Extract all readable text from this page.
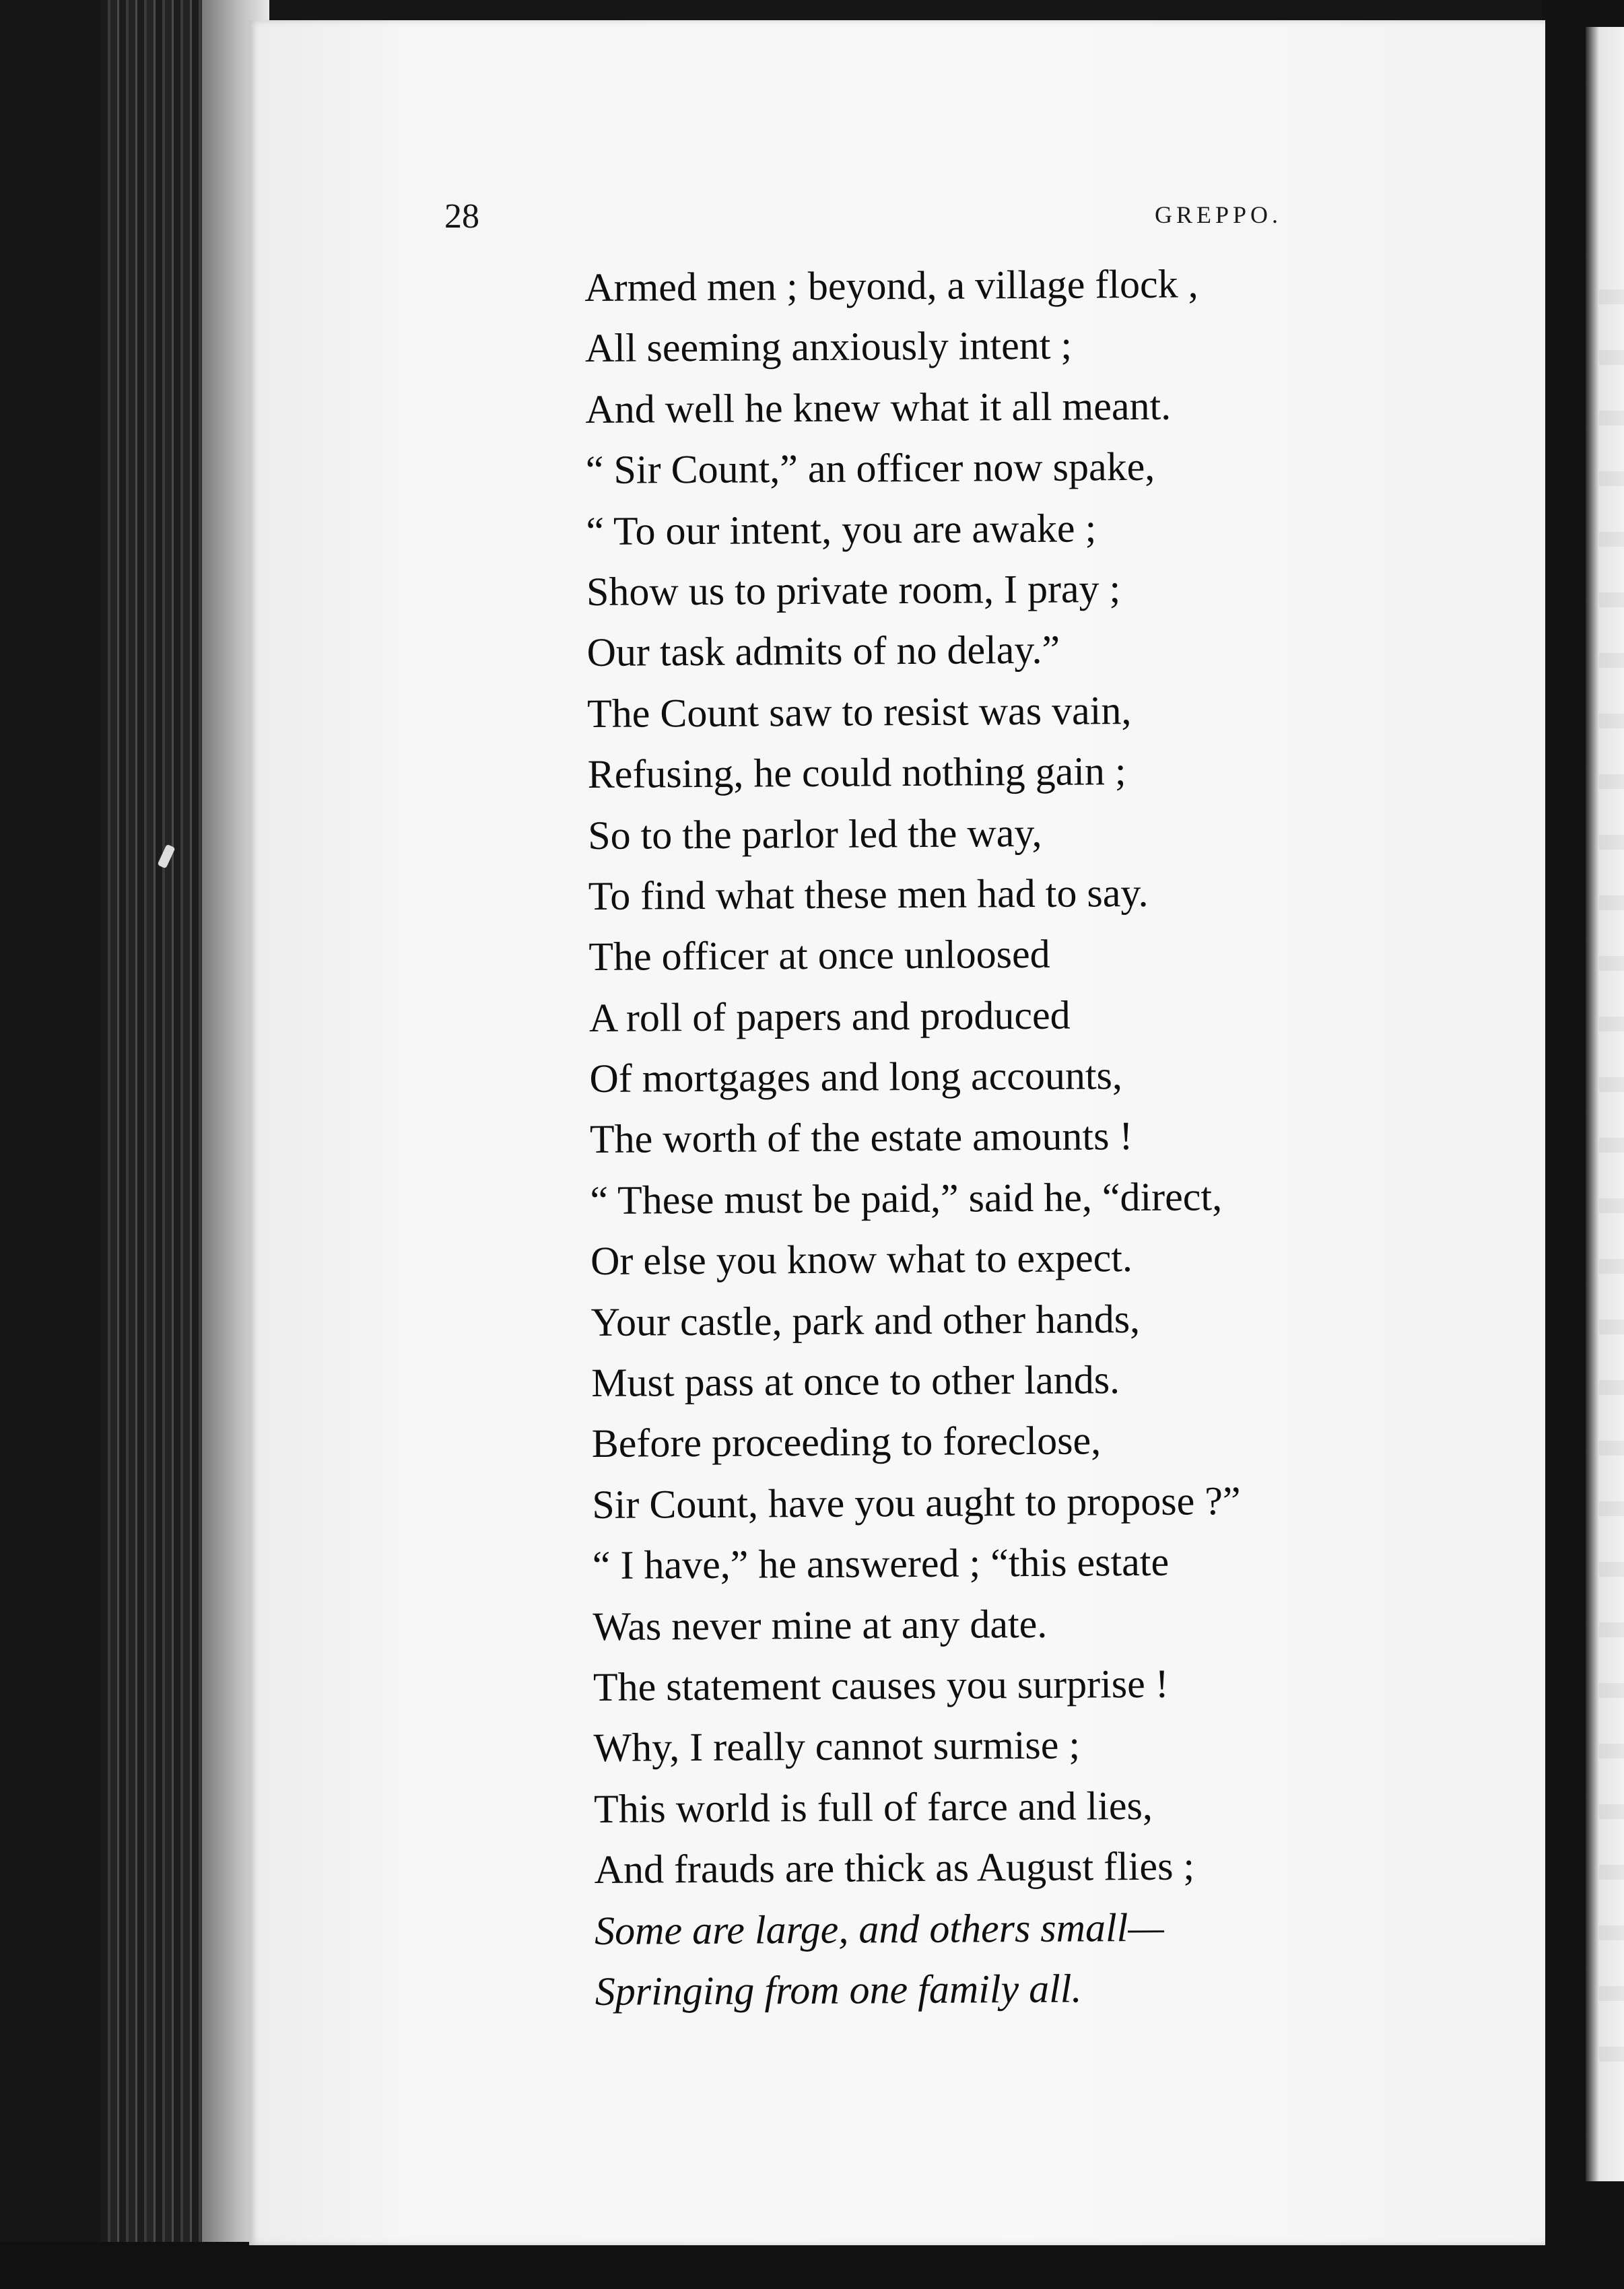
28	GREPPO.
Armed men ; beyond, a village flock ,
All seeming anxiously intent ;
And well he knew what it all meant.
“ Sir Count,” an officer now spake,
“ To our intent, you are awake ;
Show us to private room, I pray ;
Our task admits of no delay.”
The Count saw to resist was vain,
Refusing, he could nothing gain ;
So to the parlor led the way,
To find what these men had to say.
The officer at once unloosed
A roll of papers and produced
Of mortgages and long accounts,
The worth of the estate amounts !
“ These must be paid,” said he, “direct,
Or else you know what to expect.
Your castle, park and other hands,
Must pass at once to other lands.
Before proceeding to foreclose,
Sir Count, have you aught to propose ?”
“ I have,” he answered ; “this estate
Was never mine at any date.
The statement causes you surprise !
Why, I really cannot surmise ;
This world is full of farce and lies,
And frauds are thick as August flies ;
Some are large, and others small—
Springing from one family all.
